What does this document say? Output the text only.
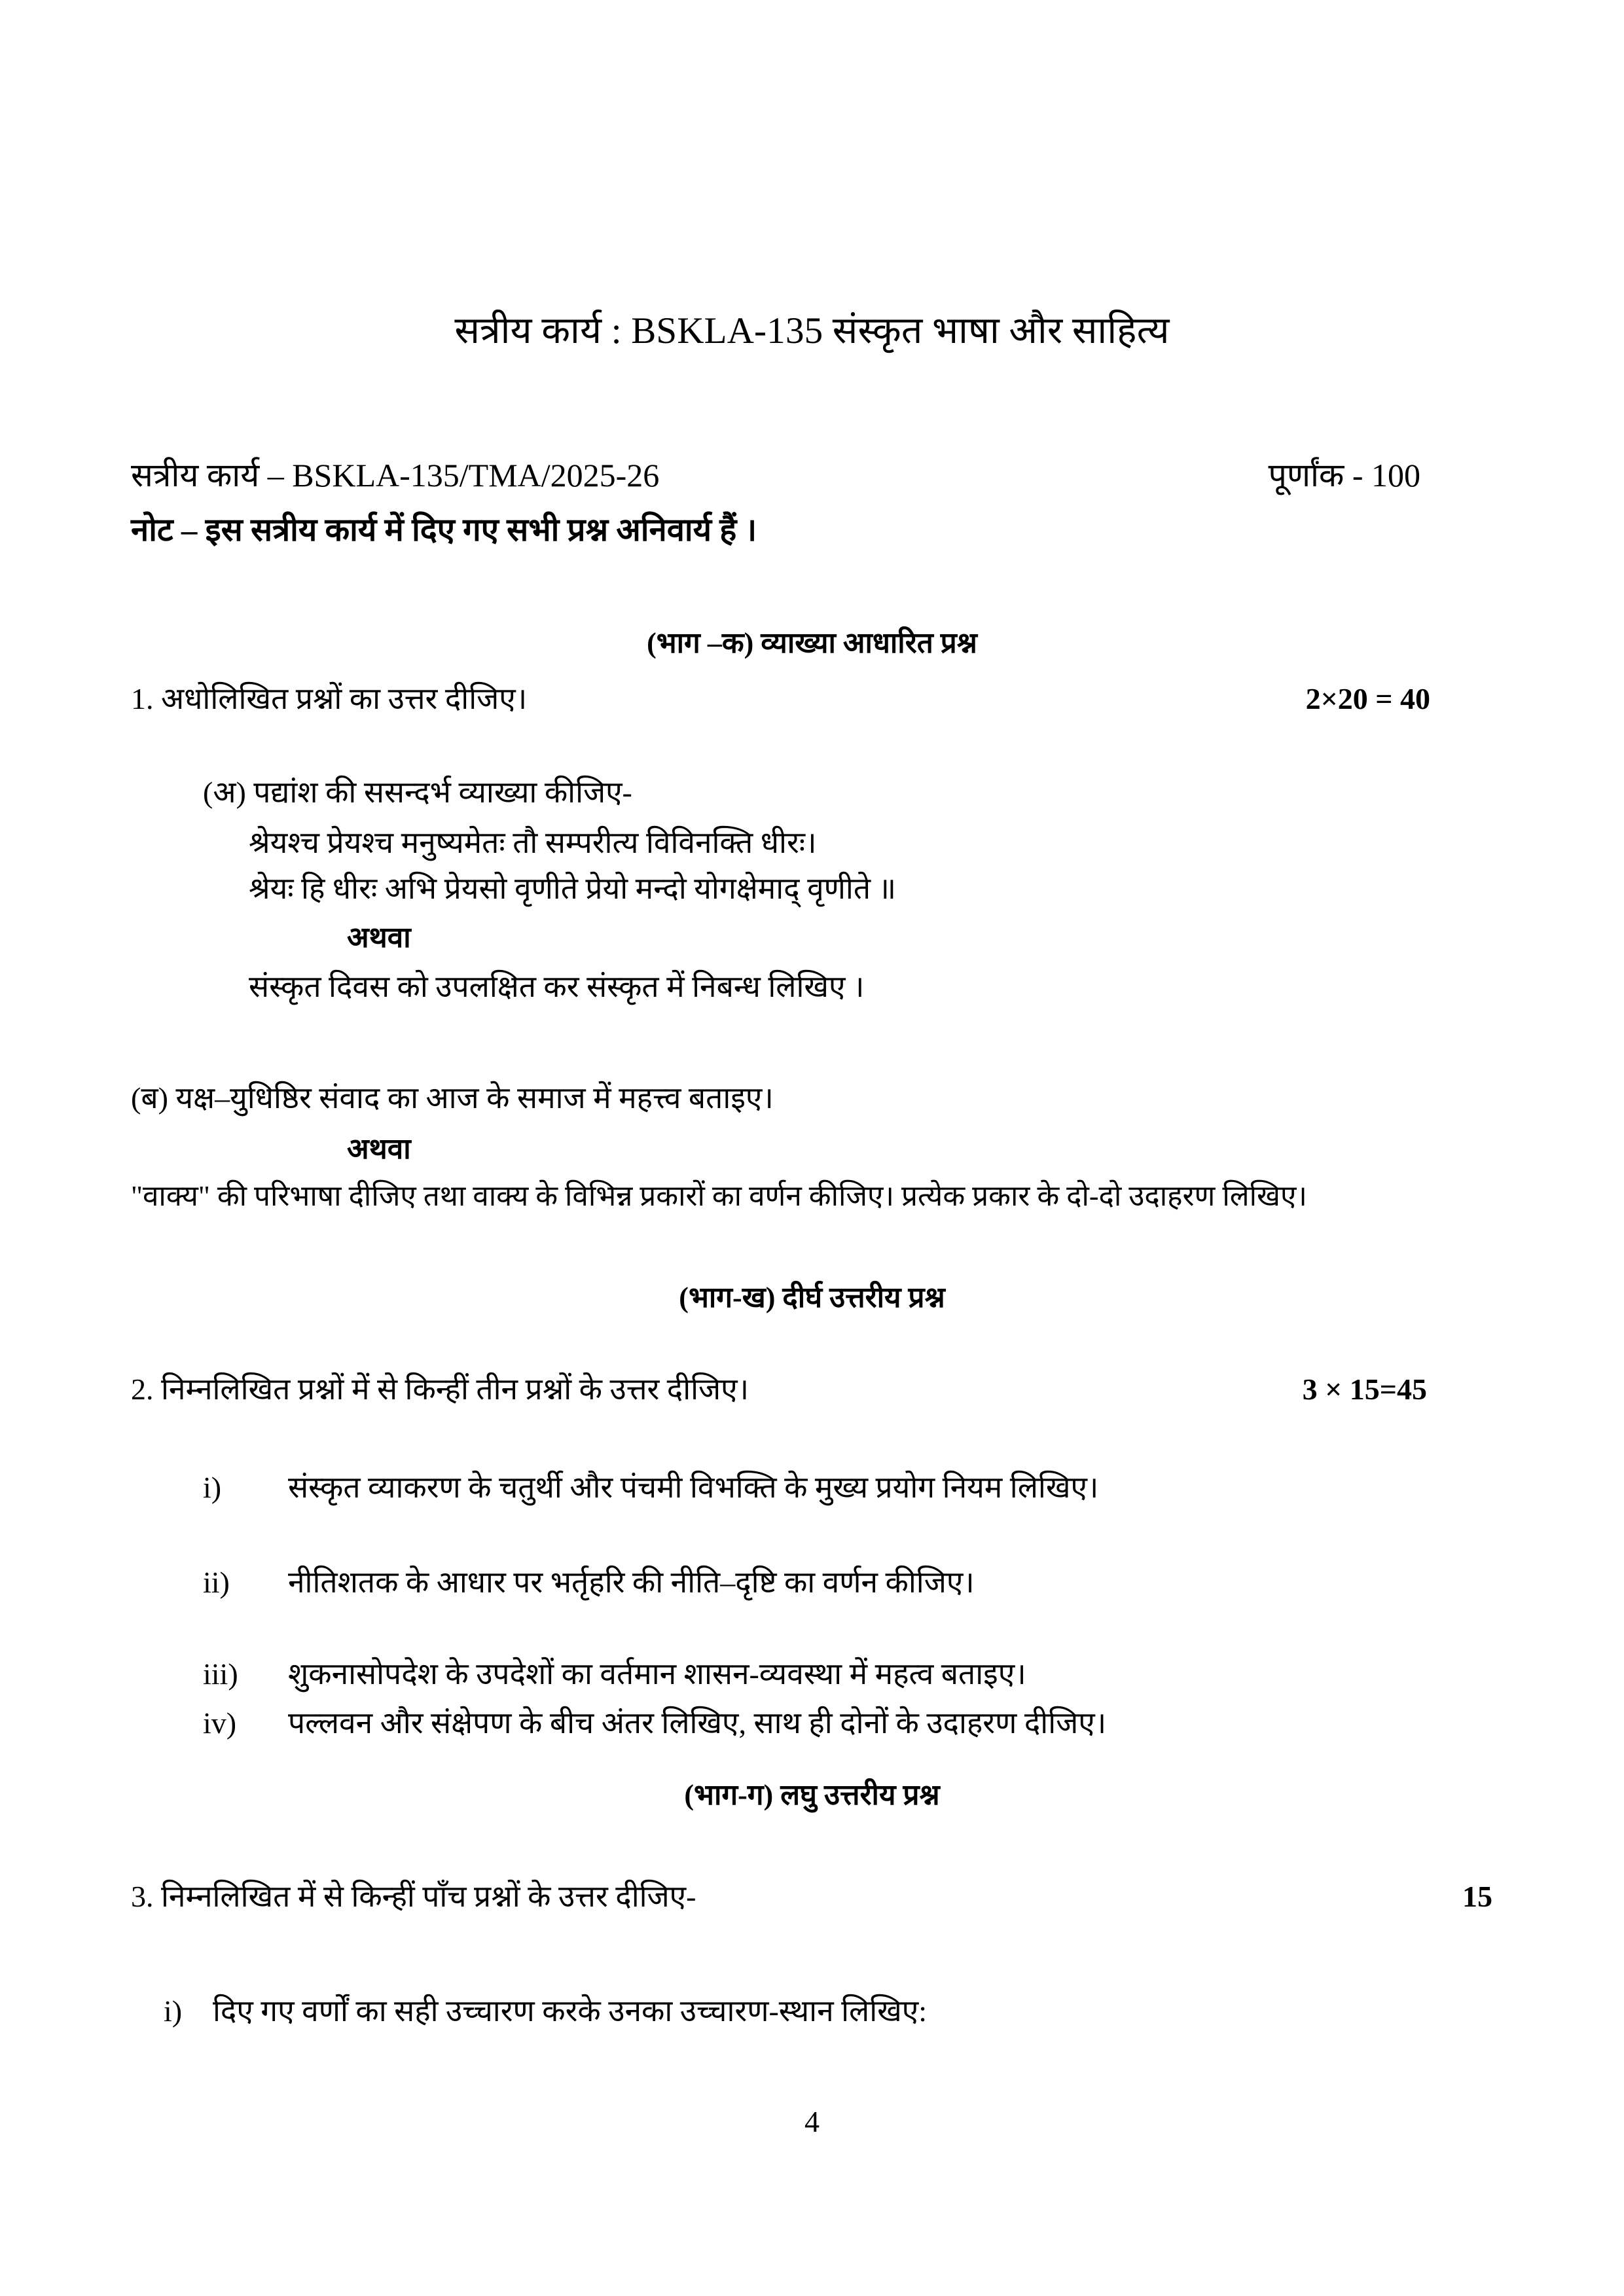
सत्रीय कार्य : BSKLA-135 संस्कृत भाषा और साहित्य
सत्रीय कार्य – BSKLA-135/TMA/2025-26	पूर्णांक - 100
नोट – इस सत्रीय कार्य में दिए गए सभी प्रश्न अनिवार्य हैं ।
(भाग –क) व्याख्या आधारित प्रश्न
1. अधोलिखित प्रश्नों का उत्तर दीजिए।	2×20 = 40
(अ) पद्यांश की ससन्दर्भ व्याख्या कीजिए-
श्रेयश्च प्रेयश्च मनुष्यमेतः तौ सम्परीत्य विविनक्ति धीरः।
श्रेयः हि धीरः अभि प्रेयसो वृणीते प्रेयो मन्दो योगक्षेमाद् वृणीते ॥
अथवा
संस्कृत दिवस को उपलक्षित कर संस्कृत में निबन्ध लिखिए ।
(ब) यक्ष–युधिष्ठिर संवाद का आज के समाज में महत्त्व बताइए।
अथवा
"वाक्य" की परिभाषा दीजिए तथा वाक्य के विभिन्न प्रकारों का वर्णन कीजिए। प्रत्येक प्रकार के दो-दो उदाहरण लिखिए।
(भाग-ख) दीर्घ उत्तरीय प्रश्न
2. निम्नलिखित प्रश्नों में से किन्हीं तीन प्रश्नों के उत्तर दीजिए।	3 × 15=45
i)	संस्कृत व्याकरण के चतुर्थी और पंचमी विभक्ति के मुख्य प्रयोग नियम लिखिए।
ii)	नीतिशतक के आधार पर भर्तृहरि की नीति–दृष्टि का वर्णन कीजिए।
iii)	शुकनासोपदेश के उपदेशों का वर्तमान शासन-व्यवस्था में महत्व बताइए।
iv)	पल्लवन और संक्षेपण के बीच अंतर लिखिए, साथ ही दोनों के उदाहरण दीजिए।
(भाग-ग) लघु उत्तरीय प्रश्न
3. निम्नलिखित में से किन्हीं पाँच प्रश्नों के उत्तर दीजिए-	15
i)	दिए गए वर्णों का सही उच्चारण करके उनका उच्चारण-स्थान लिखिए:
4
